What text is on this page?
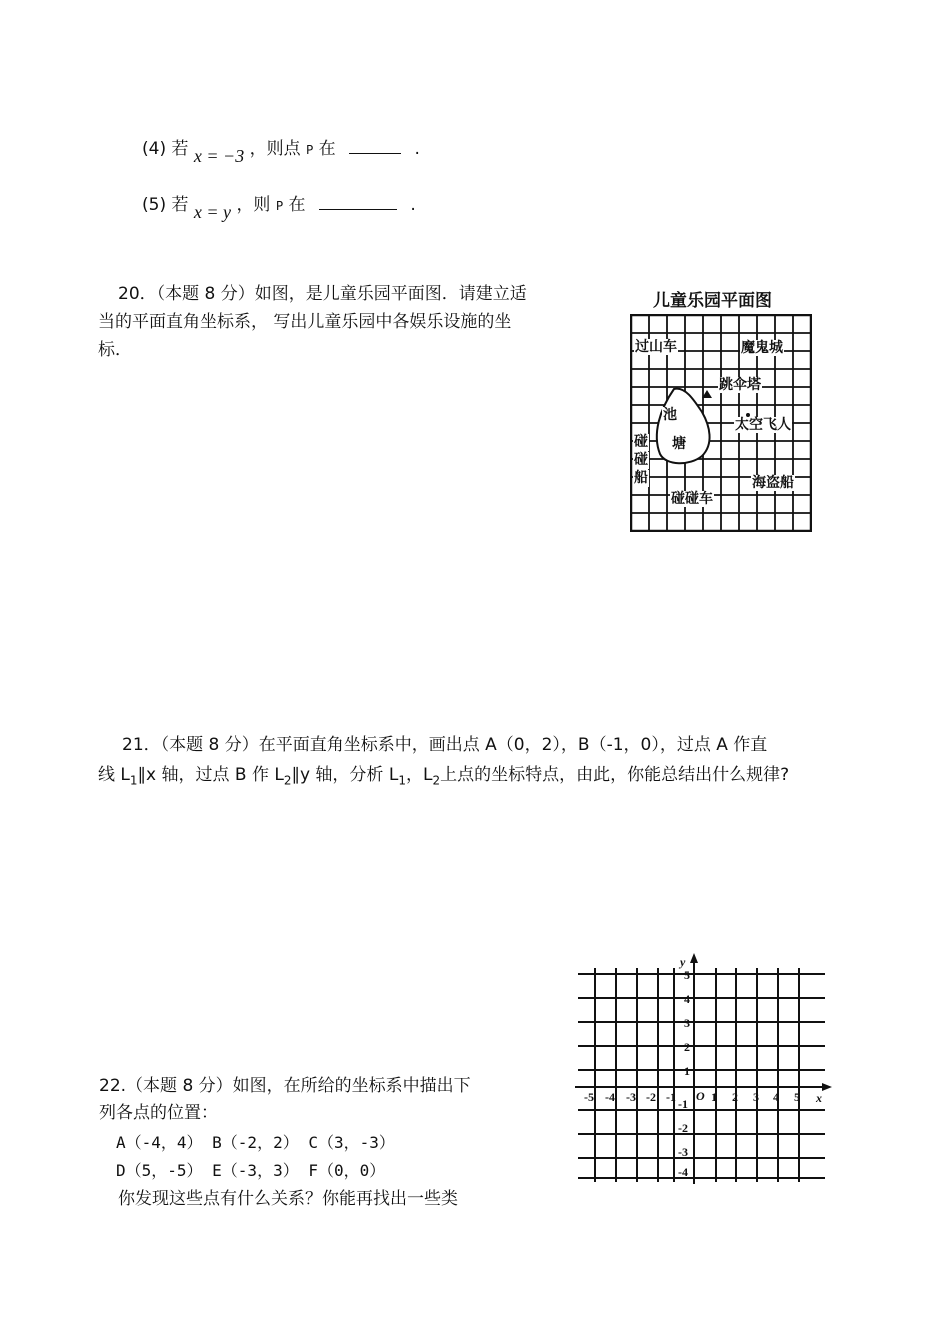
(4) 若 x = −3 ，则点 P 在	.
(5) 若 x = y ，则 P 在	.
20．（本题 8 分）如图，是儿童乐园平面图．请建立适
当的平面直角坐标系， 写出儿童乐园中各娱乐设施的坐
标．
儿童乐园平面图
过山车	魔鬼城
跳伞塔
池
塘
太空飞人
碰
碰
船	海盗船
碰碰车
21．（本题 8 分）在平面直角坐标系中，画出点 A（0，2），B（-1，0），过点 A 作直
线 $L_1\parallel x$ 轴，过点 B 作 $L_2\parallel y$ 轴，分析 $L_1$，$L_2$上点的坐标特点，由此，你能总结出什么规律?
22.（本题 8 分）如图，在所给的坐标系中描出下
列各点的位置：
A（-4，4） B（-2，2） C（3，-3）
D（5，-5） E（-3，3） F（0，0）
你发现这些点有什么关系？你能再找出一些类
x
y
O
-5 -4 -3 -2 -1	1 2 3 4 5
5
4
3
2
1
-1
-2
-3
-4
